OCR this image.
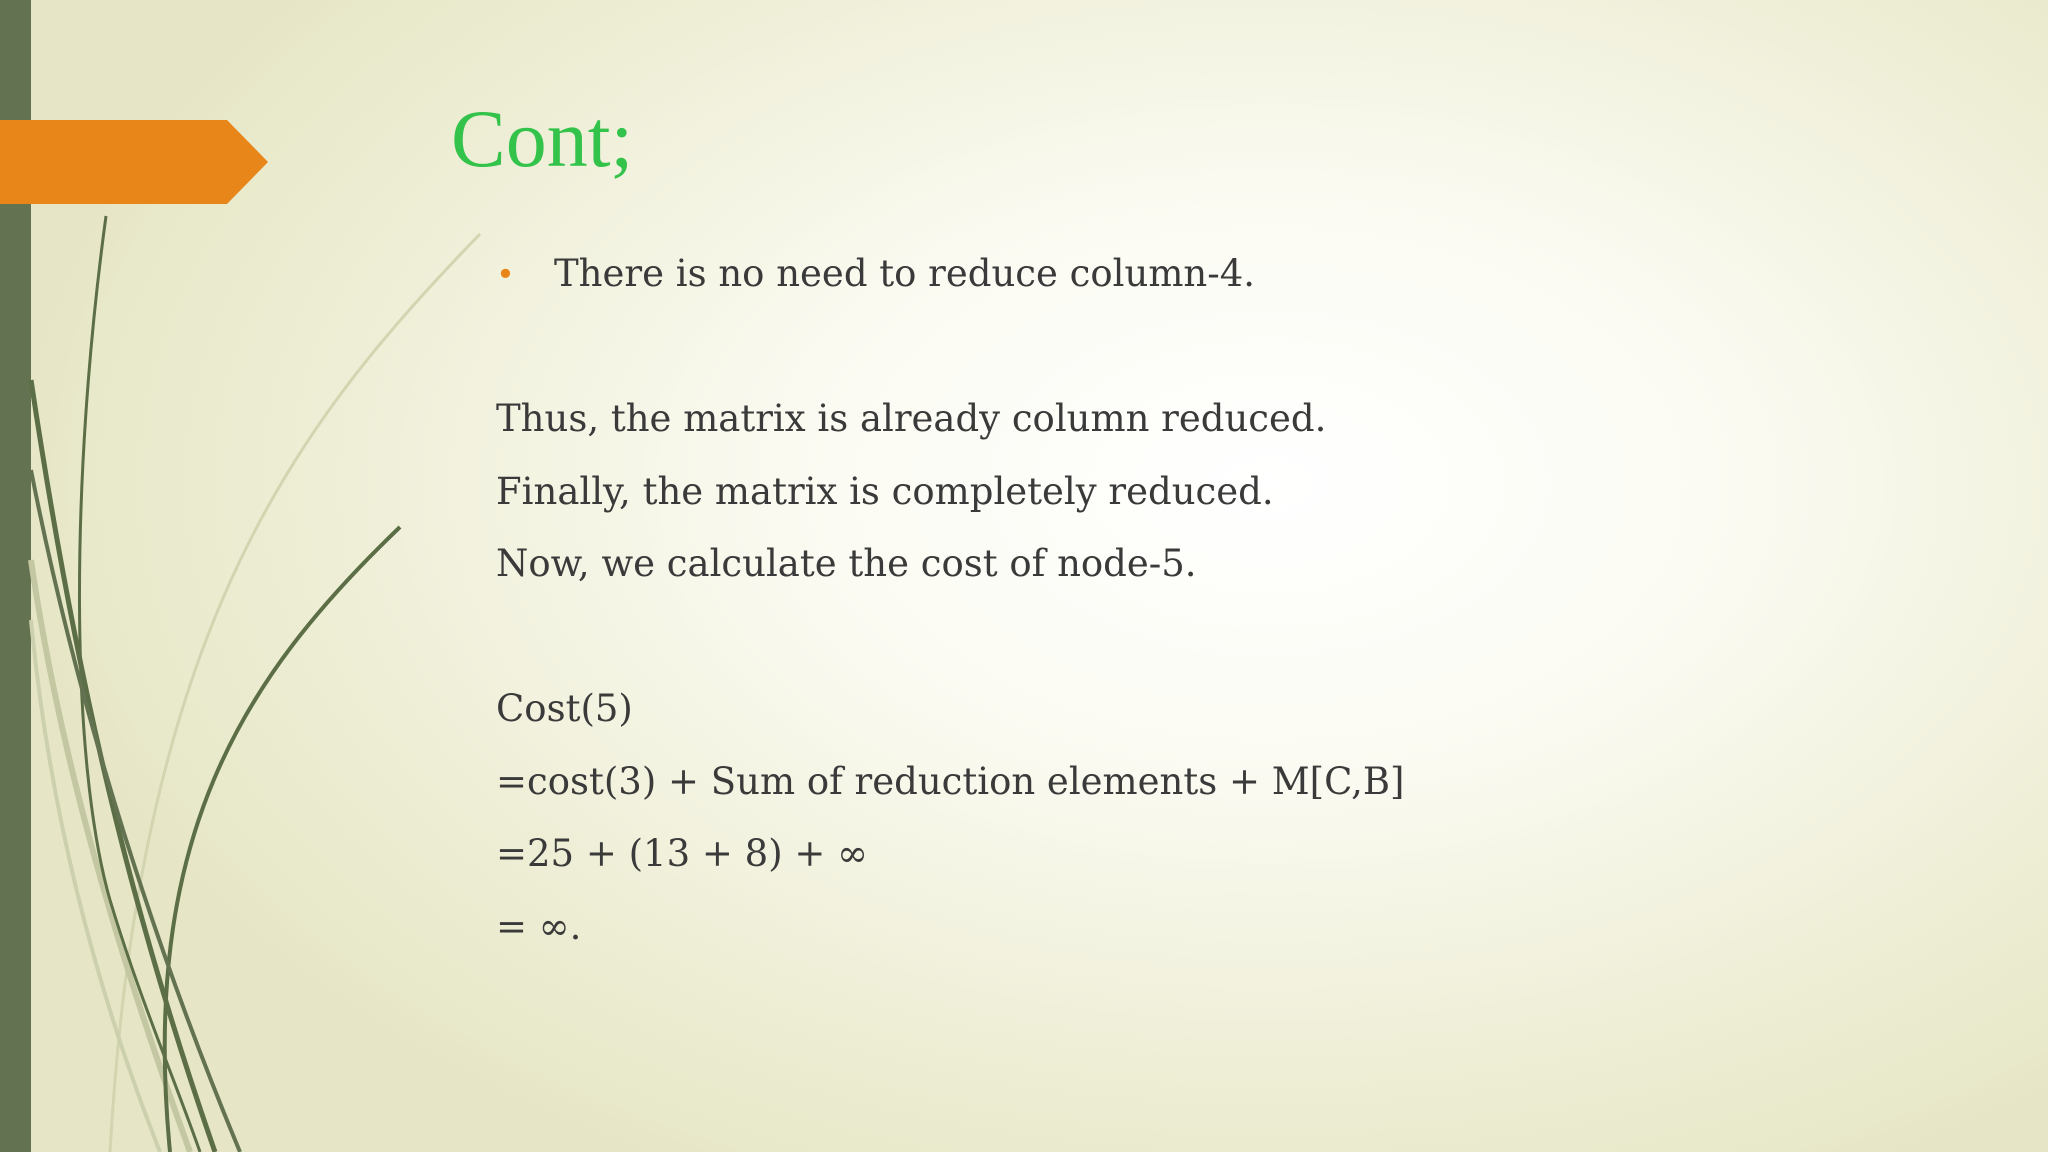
Cont;
• There is no need to reduce column-4.
Thus, the matrix is already column reduced.
Finally, the matrix is completely reduced.
Now, we calculate the cost of node-5.
Cost(5)
=cost(3) + Sum of reduction elements + M[C,B]
=25 + (13 + 8) + ∞
= ∞.
